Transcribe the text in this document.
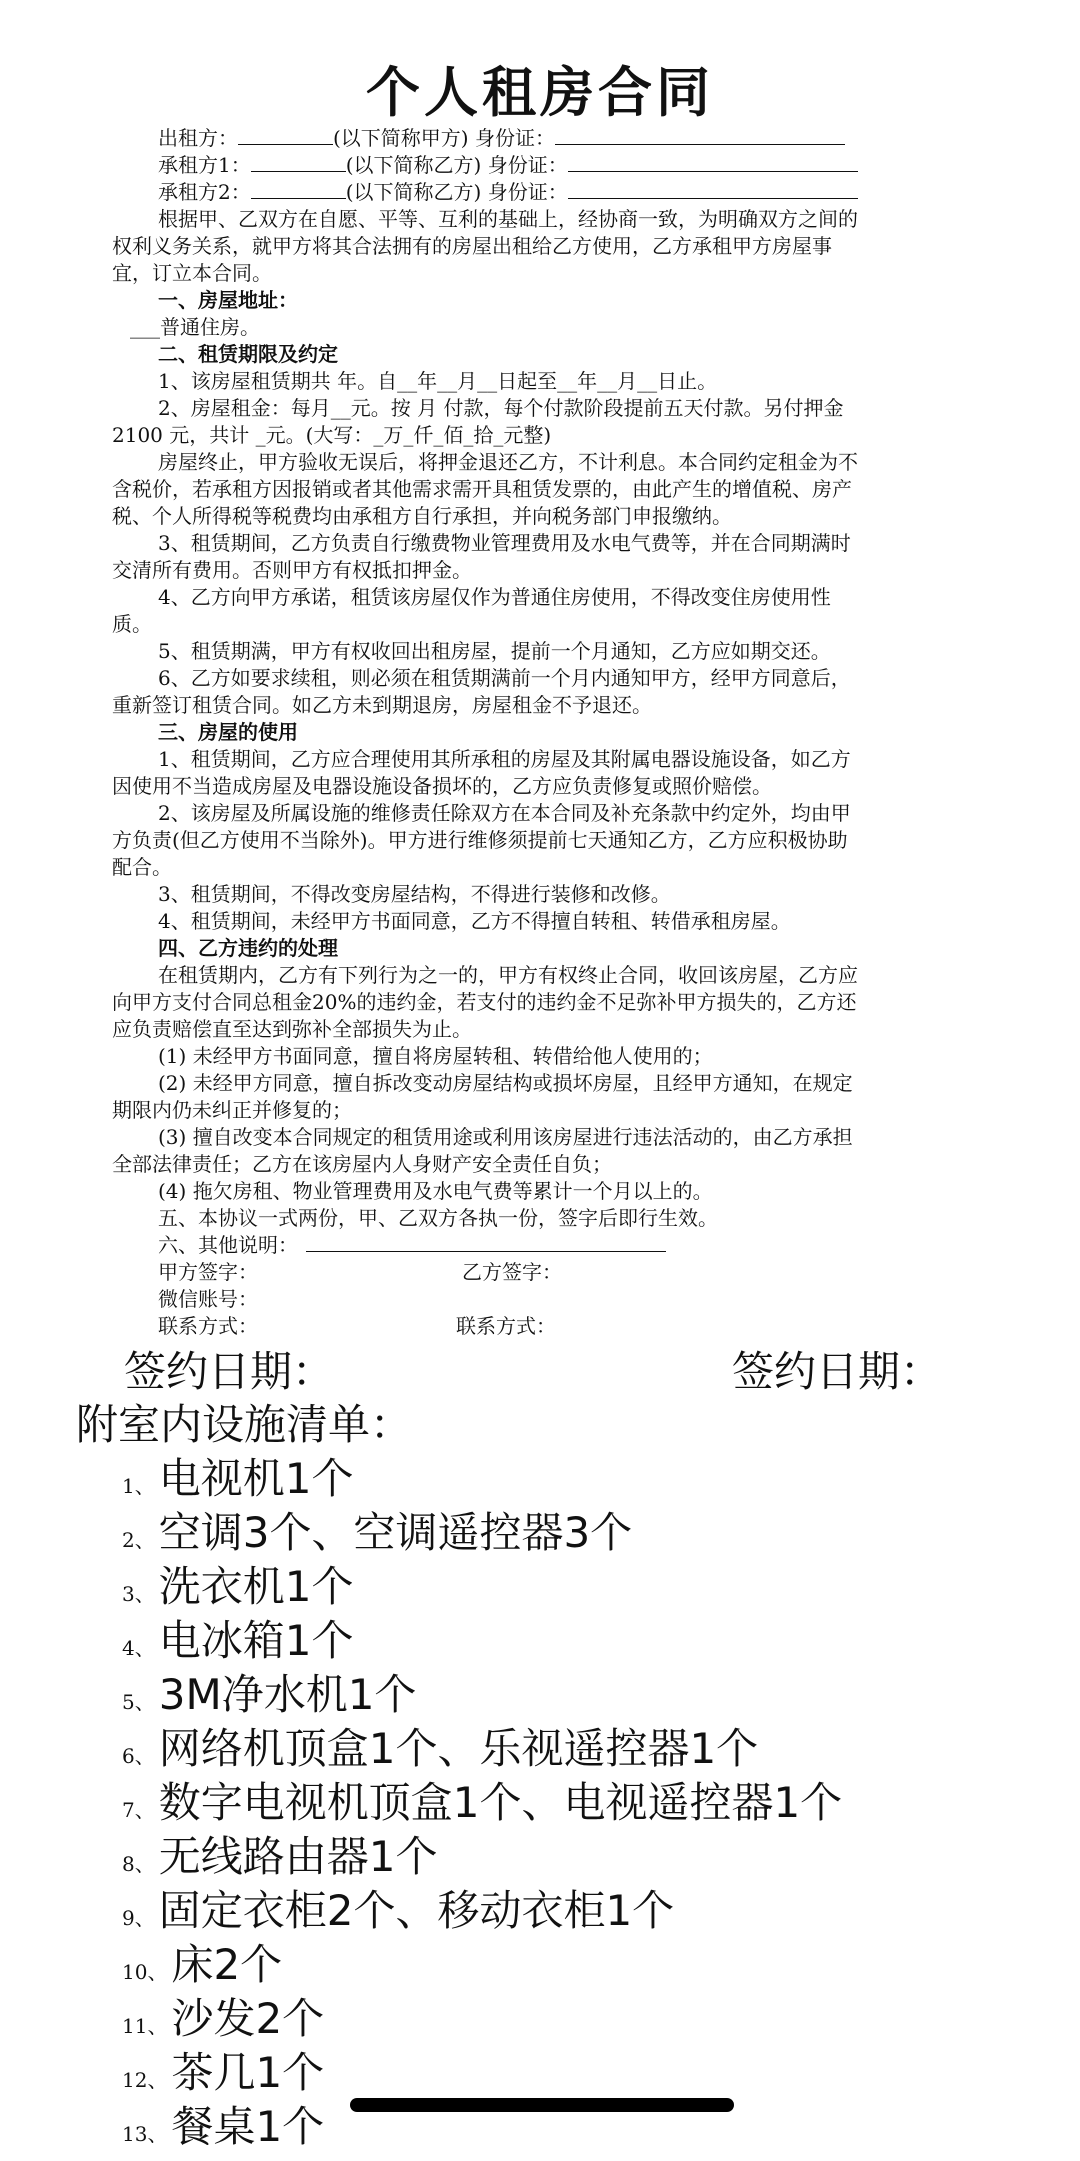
个人租房合同
出租方：	(以下简称甲方) 身份证：
承租方1：	(以下简称乙方) 身份证：
承租方2：	(以下简称乙方) 身份证：
根据甲、乙双方在自愿、平等、互利的基础上，经协商一致，为明确双方之间的
权利义务关系，就甲方将其合法拥有的房屋出租给乙方使用，乙方承租甲方房屋事
宜，订立本合同。
一、房屋地址：
___普通住房。
二、租赁期限及约定
1、该房屋租赁期共 年。自__年__月__日起至__年__月__日止。
2、房屋租金：每月__元。按 月 付款，每个付款阶段提前五天付款。另付押金
2100 元，共计 _元。(大写：_万_仟_佰_拾_元整)
房屋终止，甲方验收无误后，将押金退还乙方，不计利息。本合同约定租金为不
含税价，若承租方因报销或者其他需求需开具租赁发票的，由此产生的增值税、房产
税、个人所得税等税费均由承租方自行承担，并向税务部门申报缴纳。
3、租赁期间，乙方负责自行缴费物业管理费用及水电气费等，并在合同期满时
交清所有费用。否则甲方有权抵扣押金。
4、乙方向甲方承诺，租赁该房屋仅作为普通住房使用，不得改变住房使用性
质。
5、租赁期满，甲方有权收回出租房屋，提前一个月通知，乙方应如期交还。
6、乙方如要求续租，则必须在租赁期满前一个月内通知甲方，经甲方同意后，
重新签订租赁合同。如乙方未到期退房，房屋租金不予退还。
三、房屋的使用
1、租赁期间，乙方应合理使用其所承租的房屋及其附属电器设施设备，如乙方
因使用不当造成房屋及电器设施设备损坏的，乙方应负责修复或照价赔偿。
2、该房屋及所属设施的维修责任除双方在本合同及补充条款中约定外，均由甲
方负责(但乙方使用不当除外)。甲方进行维修须提前七天通知乙方，乙方应积极协助
配合。
3、租赁期间，不得改变房屋结构，不得进行装修和改修。
4、租赁期间，未经甲方书面同意，乙方不得擅自转租、转借承租房屋。
四、乙方违约的处理
在租赁期内，乙方有下列行为之一的，甲方有权终止合同，收回该房屋，乙方应
向甲方支付合同总租金20%的违约金，若支付的违约金不足弥补甲方损失的，乙方还
应负责赔偿直至达到弥补全部损失为止。
(1) 未经甲方书面同意，擅自将房屋转租、转借给他人使用的；
(2) 未经甲方同意，擅自拆改变动房屋结构或损坏房屋，且经甲方通知，在规定
期限内仍未纠正并修复的；
(3) 擅自改变本合同规定的租赁用途或利用该房屋进行违法活动的，由乙方承担
全部法律责任；乙方在该房屋内人身财产安全责任自负；
(4) 拖欠房租、物业管理费用及水电气费等累计一个月以上的。
五、本协议一式两份，甲、乙双方各执一份，签字后即行生效。
六、其他说明：
甲方签字：	乙方签字：
微信账号：
联系方式：	联系方式：
签约日期：	签约日期：
附室内设施清单：
1、电视机1个
2、空调3个、空调遥控器3个
3、洗衣机1个
4、电冰箱1个
5、3M净水机1个
6、网络机顶盒1个、乐视遥控器1个
7、数字电视机顶盒1个、电视遥控器1个
8、无线路由器1个
9、固定衣柜2个、移动衣柜1个
10、床2个
11、沙发2个
12、茶几1个
13、餐桌1个
